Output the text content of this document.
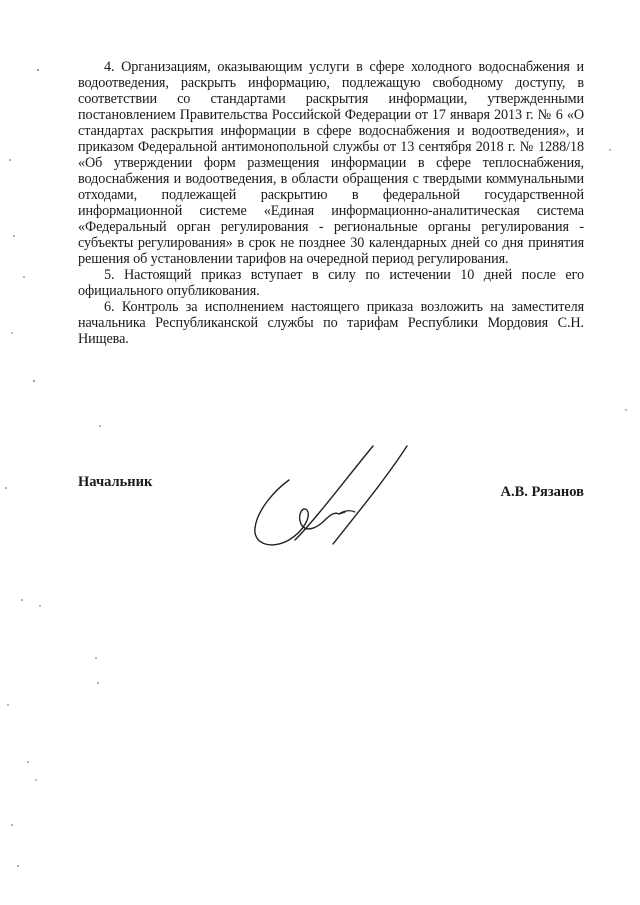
4. Организациям, оказывающим услуги в сфере холодного водоснабжения и водоотведения, раскрыть информацию, подлежащую свободному доступу, в соответствии со стандартами раскрытия информации, утвержденными постановлением Правительства Российской Федерации от 17 января 2013 г. № 6 «О стандартах раскрытия информации в сфере водоснабжения и водоотведения», и приказом Федеральной антимонопольной службы от 13 сентября 2018 г. № 1288/18 «Об утверждении форм размещения информации в сфере теплоснабжения, водоснабжения и водоотведения, в области обращения с твердыми коммунальными отходами, подлежащей раскрытию в федеральной государственной информационной системе «Единая информационно-аналитическая система «Федеральный орган регулирования - региональные органы регулирования - субъекты регулирования» в срок не позднее 30 календарных дней со дня принятия решения об установлении тарифов на очередной период регулирования.

5. Настоящий приказ вступает в силу по истечении 10 дней после его официального опубликования.

6. Контроль за исполнением настоящего приказа возложить на заместителя начальника Республиканской службы по тарифам Республики Мордовия С.Н. Нищева.

Начальник
А.В. Рязанов
